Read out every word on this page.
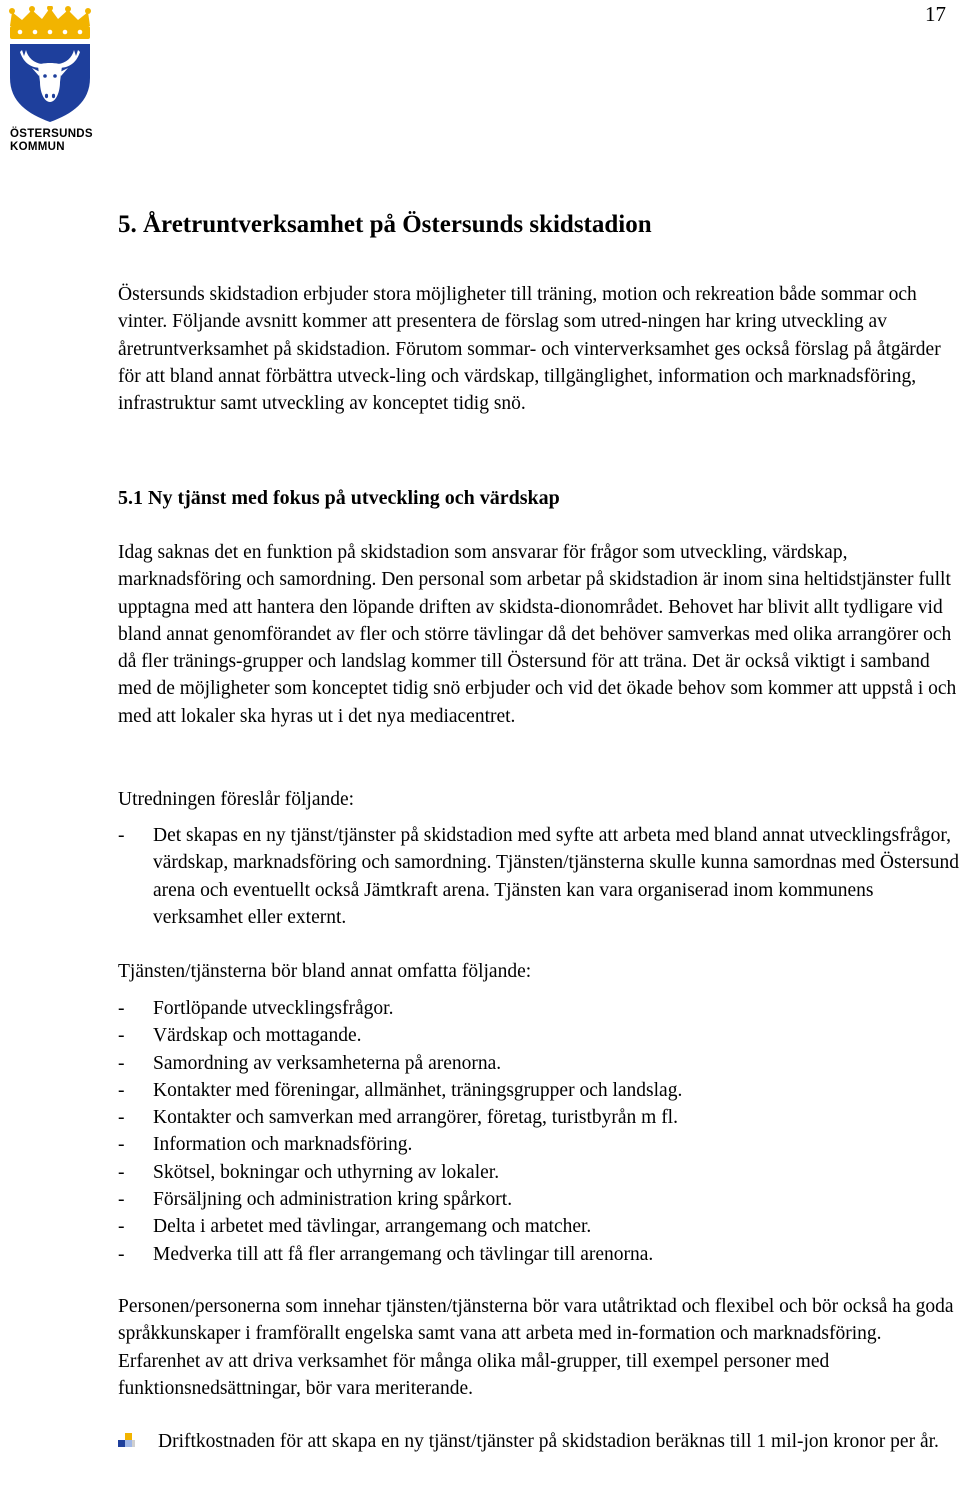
17
ÖSTERSUNDS
KOMMUN
5. Åretruntverksamhet på Östersunds skidstadion

Östersunds skidstadion erbjuder stora möjligheter till träning, motion och rekreation både sommar och vinter. Följande avsnitt kommer att presentera de förslag som utred-ningen har kring utveckling av åretruntverksamhet på skidstadion. Förutom sommar- och vinterverksamhet ges också förslag på åtgärder för att bland annat förbättra utveck-ling och värdskap, tillgänglighet, information och marknadsföring, infrastruktur samt utveckling av konceptet tidig snö.

5.1 Ny tjänst med fokus på utveckling och värdskap

Idag saknas det en funktion på skidstadion som ansvarar för frågor som utveckling, värdskap, marknadsföring och samordning. Den personal som arbetar på skidstadion är inom sina heltidstjänster fullt upptagna med att hantera den löpande driften av skidsta-dionområdet. Behovet har blivit allt tydligare vid bland annat genomförandet av fler och större tävlingar då det behöver samverkas med olika arrangörer och då fler tränings-grupper och landslag kommer till Östersund för att träna. Det är också viktigt i samband med de möjligheter som konceptet tidig snö erbjuder och vid det ökade behov som kommer att uppstå i och med att lokaler ska hyras ut i det nya mediacentret.

Utredningen föreslår följande:

- Det skapas en ny tjänst/tjänster på skidstadion med syfte att arbeta med bland annat utvecklingsfrågor, värdskap, marknadsföring och samordning. Tjänsten/tjänsterna skulle kunna samordnas med Östersund arena och eventuellt också Jämtkraft arena. Tjänsten kan vara organiserad inom kommunens verksamhet eller externt.

Tjänsten/tjänsterna bör bland annat omfatta följande:

- Fortlöpande utvecklingsfrågor.
- Värdskap och mottagande.
- Samordning av verksamheterna på arenorna.
- Kontakter med föreningar, allmänhet, träningsgrupper och landslag.
- Kontakter och samverkan med arrangörer, företag, turistbyrån m fl.
- Information och marknadsföring.
- Skötsel, bokningar och uthyrning av lokaler.
- Försäljning och administration kring spårkort.
- Delta i arbetet med tävlingar, arrangemang och matcher.
- Medverka till att få fler arrangemang och tävlingar till arenorna.

Personen/personerna som innehar tjänsten/tjänsterna bör vara utåtriktad och flexibel och bör också ha goda språkkunskaper i framförallt engelska samt vana att arbeta med in-formation och marknadsföring. Erfarenhet av att driva verksamhet för många olika mål-grupper, till exempel personer med funktionsnedsättningar, bör vara meriterande.

Driftkostnaden för att skapa en ny tjänst/tjänster på skidstadion beräknas till 1 mil-jon kronor per år.
